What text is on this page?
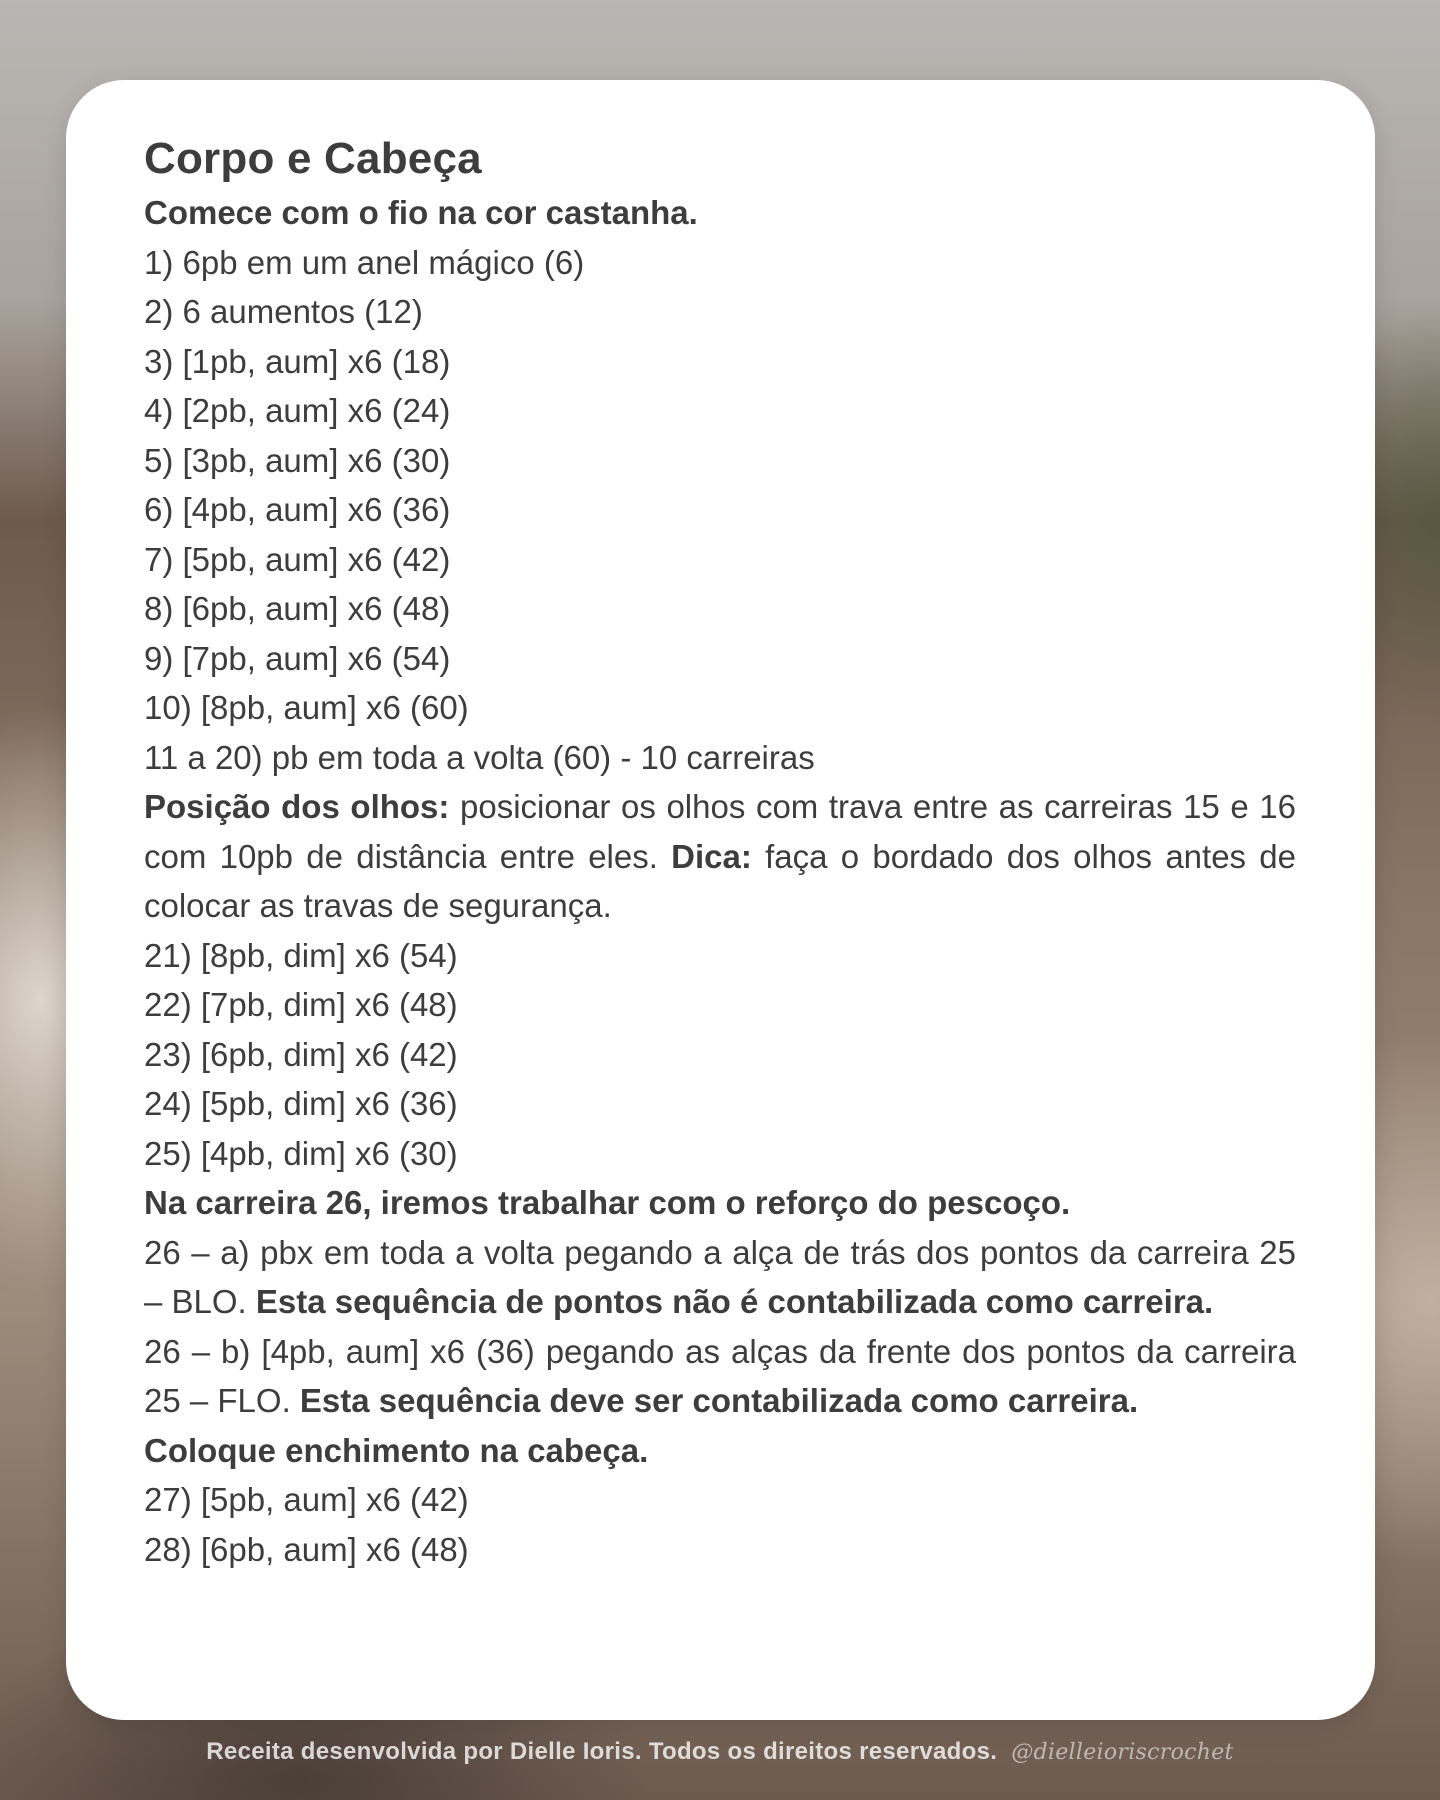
Corpo e Cabeça
Comece com o fio na cor castanha.
1) 6pb em um anel mágico (6)
2) 6 aumentos (12)
3) [1pb, aum] x6 (18)
4) [2pb, aum] x6 (24)
5) [3pb, aum] x6 (30)
6) [4pb, aum] x6 (36)
7) [5pb, aum] x6 (42)
8) [6pb, aum] x6 (48)
9) [7pb, aum] x6 (54)
10) [8pb, aum] x6 (60)
11 a 20) pb em toda a volta (60) - 10 carreiras
Posição dos olhos: posicionar os olhos com trava entre as carreiras 15 e 16 com 10pb de distância entre eles. Dica: faça o bordado dos olhos antes de colocar as travas de segurança.
21) [8pb, dim] x6 (54)
22) [7pb, dim] x6 (48)
23) [6pb, dim] x6 (42)
24) [5pb, dim] x6 (36)
25) [4pb, dim] x6 (30)
Na carreira 26, iremos trabalhar com o reforço do pescoço.
26 – a) pbx em toda a volta pegando a alça de trás dos pontos da carreira 25 – BLO. Esta sequência de pontos não é contabilizada como carreira.
26 – b) [4pb, aum] x6 (36) pegando as alças da frente dos pontos da carreira 25 – FLO. Esta sequência deve ser contabilizada como carreira.
Coloque enchimento na cabeça.
27) [5pb, aum] x6 (42)
28) [6pb, aum] x6 (48)
Receita desenvolvida por Dielle Ioris. Todos os direitos reservados. @dielleioriscrochet
